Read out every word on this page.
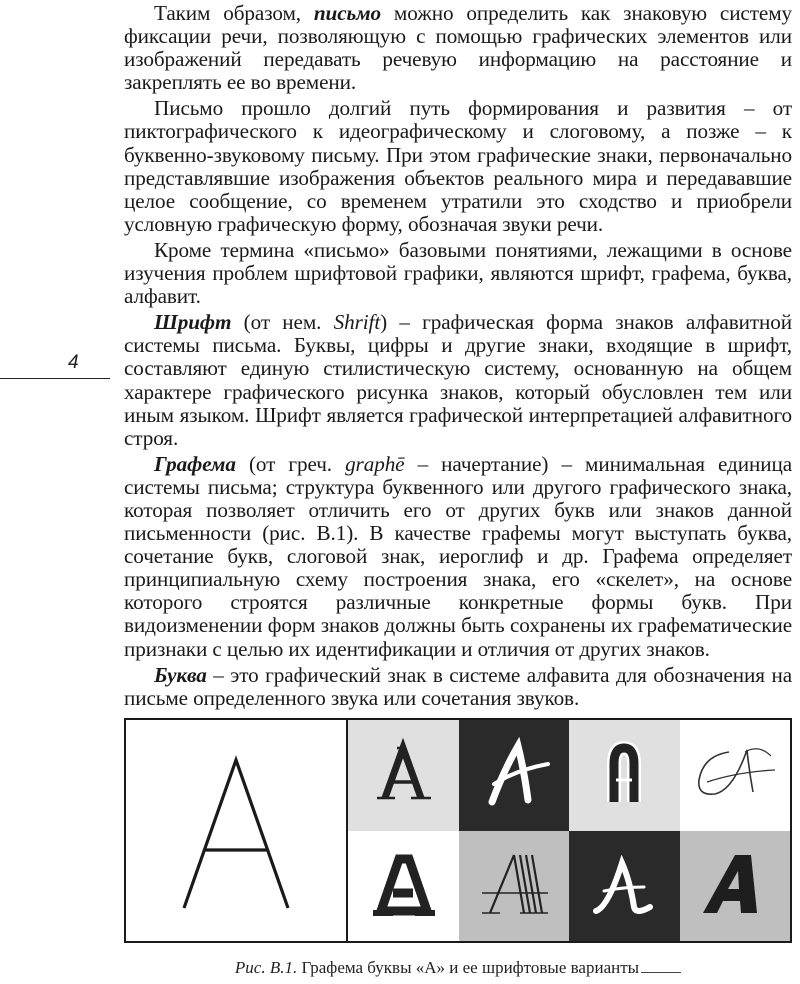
4

Таким образом, письмо можно определить как знаковую систему фиксации речи, позволяющую с помощью графических элементов или изображений передавать речевую информацию на расстояние и закреплять ее во времени.

Письмо прошло долгий путь формирования и развития – от пиктографического к идеографическому и слоговому, а позже – к буквенно-звуковому письму. При этом графические знаки, первоначально представлявшие изображения объектов реального мира и передававшие целое сообщение, со временем утратили это сходство и приобрели условную графическую форму, обозначая звуки речи.

Кроме термина «письмо» базовыми понятиями, лежащими в основе изучения проблем шрифтовой графики, являются шрифт, графема, буква, алфавит.

Шрифт (от нем. Shrift) – графическая форма знаков алфавитной системы письма. Буквы, цифры и другие знаки, входящие в шрифт, составляют единую стилистическую систему, основанную на общем характере графического рисунка знаков, который обусловлен тем или иным языком. Шрифт является графической интерпретацией алфавитного строя.

Графема (от греч. graphē – начертание) – минимальная единица системы письма; структура буквенного или другого графического знака, которая позволяет отличить его от других букв или знаков данной письменности (рис. В.1). В качестве графемы могут выступать буква, сочетание букв, слоговой знак, иероглиф и др. Графема определяет принципиальную схему построения знака, его «скелет», на основе которого строятся различные конкретные формы букв. При видоизменении форм знаков должны быть сохранены их графематические признаки с целью их идентификации и отличия от других знаков.

Буква – это графический знак в системе алфавита для обозначения на письме определенного звука или сочетания звуков.

Рис. В.1. Графема буквы «А» и ее шрифтовые варианты
